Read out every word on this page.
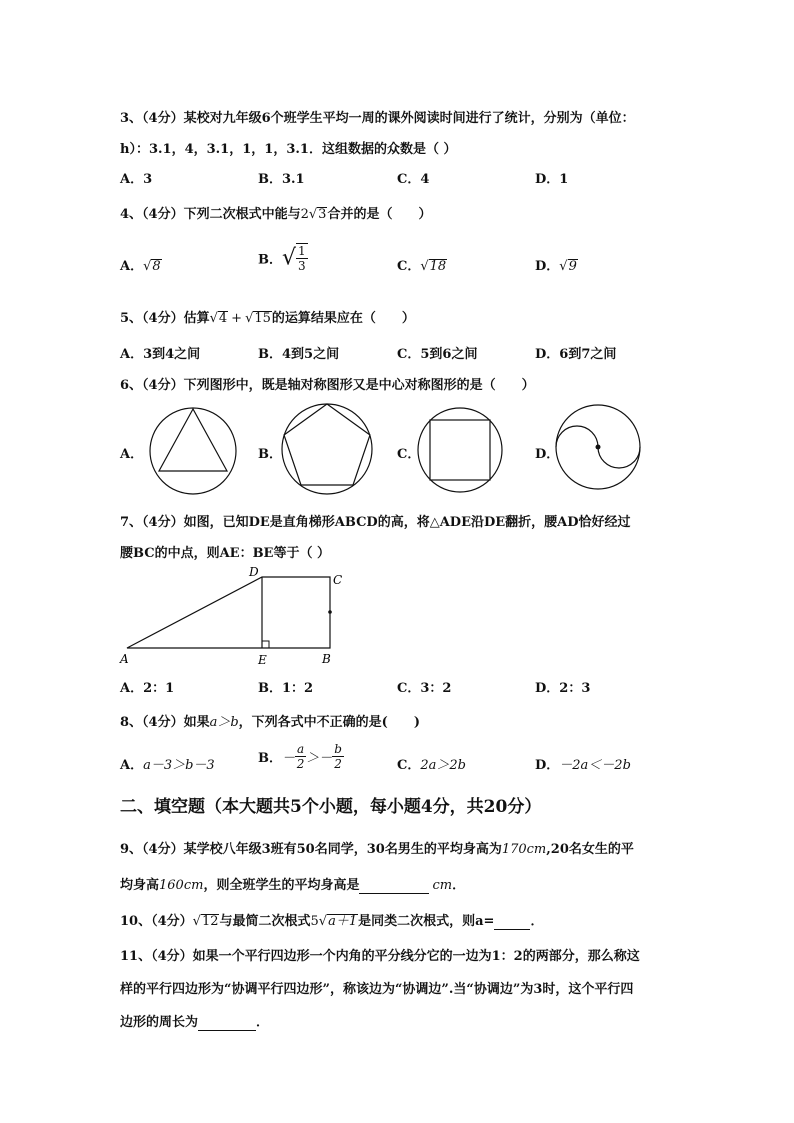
3、（4分）某校对九年级6个班学生平均一周的课外阅读时间进行了统计，分别为（单位：
h）：3.1，4，3.1，1，1，3.1．这组数据的众数是（ ）
A．3	B．3.1	C．4	D．1
4、（4分）下列二次根式中能与2√3合并的是（　　）
A．√8	B．√ $\frac{1}{3}$	C．√18	D．√9
5、（4分）估算√4 + √15的运算结果应在（　　）
A．3到4之间	B．4到5之间	C．5到6之间	D．6到7之间
6、（4分）下列图形中，既是轴对称图形又是中心对称图形的是（　　）
A．	B．	C．	D．
7、（4分）如图，已知DE是直角梯形ABCD的高，将△ADE沿DE翻折，腰AD恰好经过
腰BC的中点，则AE：BE等于（ ）
A	E	B
C
D
A．2：1	B．1：2	C．3：2	D．2：3
8、（4分）如果a＞b，下列各式中不正确的是(　　)
A．a－3＞b－3	B．－ $\frac{a}{2} >- \frac{b}{2}$	C．2a＞2b	D．－2a＜－2b
二、填空题（本大题共5个小题，每小题4分，共20分）
9、（4分）某学校八年级3班有50名同学，30名男生的平均身高为170cm,20名女生的平
均身高160cm，则全班学生的平均身高是	cm．
10、（4分）√12与最简二次根式5√a＋1是同类二次根式，则a=	．
11、（4分）如果一个平行四边形一个内角的平分线分它的一边为1：2的两部分，那么称这
样的平行四边形为“协调平行四边形”，称该边为“协调边”.当“协调边”为3时，这个平行四
边形的周长为	．
